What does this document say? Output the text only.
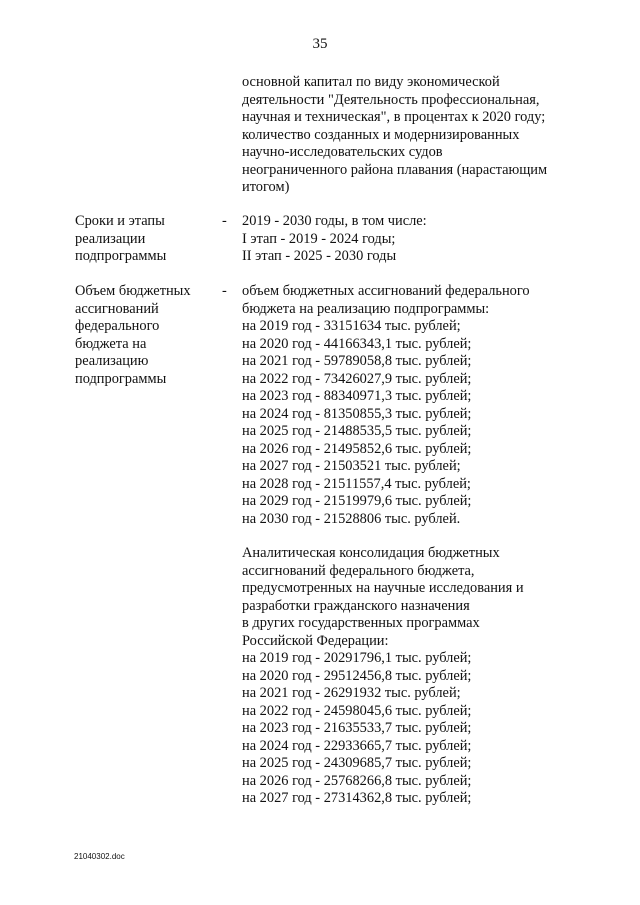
35
основной капитал по виду экономической
деятельности "Деятельность профессиональная,
научная и техническая", в процентах к 2020 году;
количество созданных и модернизированных
научно-исследовательских судов
неограниченного района плавания (нарастающим
итогом)
Сроки и этапы
реализации
подпрограммы
- 2019 - 2030 годы, в том числе:
I этап - 2019 - 2024 годы;
II этап - 2025 - 2030 годы
Объем бюджетных
ассигнований
федерального
бюджета на
реализацию
подпрограммы
- объем бюджетных ассигнований федерального
бюджета на реализацию подпрограммы:
на 2019 год - 33151634 тыс. рублей;
на 2020 год - 44166343,1 тыс. рублей;
на 2021 год - 59789058,8 тыс. рублей;
на 2022 год - 73426027,9 тыс. рублей;
на 2023 год - 88340971,3 тыс. рублей;
на 2024 год - 81350855,3 тыс. рублей;
на 2025 год - 21488535,5 тыс. рублей;
на 2026 год - 21495852,6 тыс. рублей;
на 2027 год - 21503521 тыс. рублей;
на 2028 год - 21511557,4 тыс. рублей;
на 2029 год - 21519979,6 тыс. рублей;
на 2030 год - 21528806 тыс. рублей.
Аналитическая консолидация бюджетных
ассигнований федерального бюджета,
предусмотренных на научные исследования и
разработки гражданского назначения
в других государственных программах
Российской Федерации:
на 2019 год - 20291796,1 тыс. рублей;
на 2020 год - 29512456,8 тыс. рублей;
на 2021 год - 26291932 тыс. рублей;
на 2022 год - 24598045,6 тыс. рублей;
на 2023 год - 21635533,7 тыс. рублей;
на 2024 год - 22933665,7 тыс. рублей;
на 2025 год - 24309685,7 тыс. рублей;
на 2026 год - 25768266,8 тыс. рублей;
на 2027 год - 27314362,8 тыс. рублей;
21040302.doc
